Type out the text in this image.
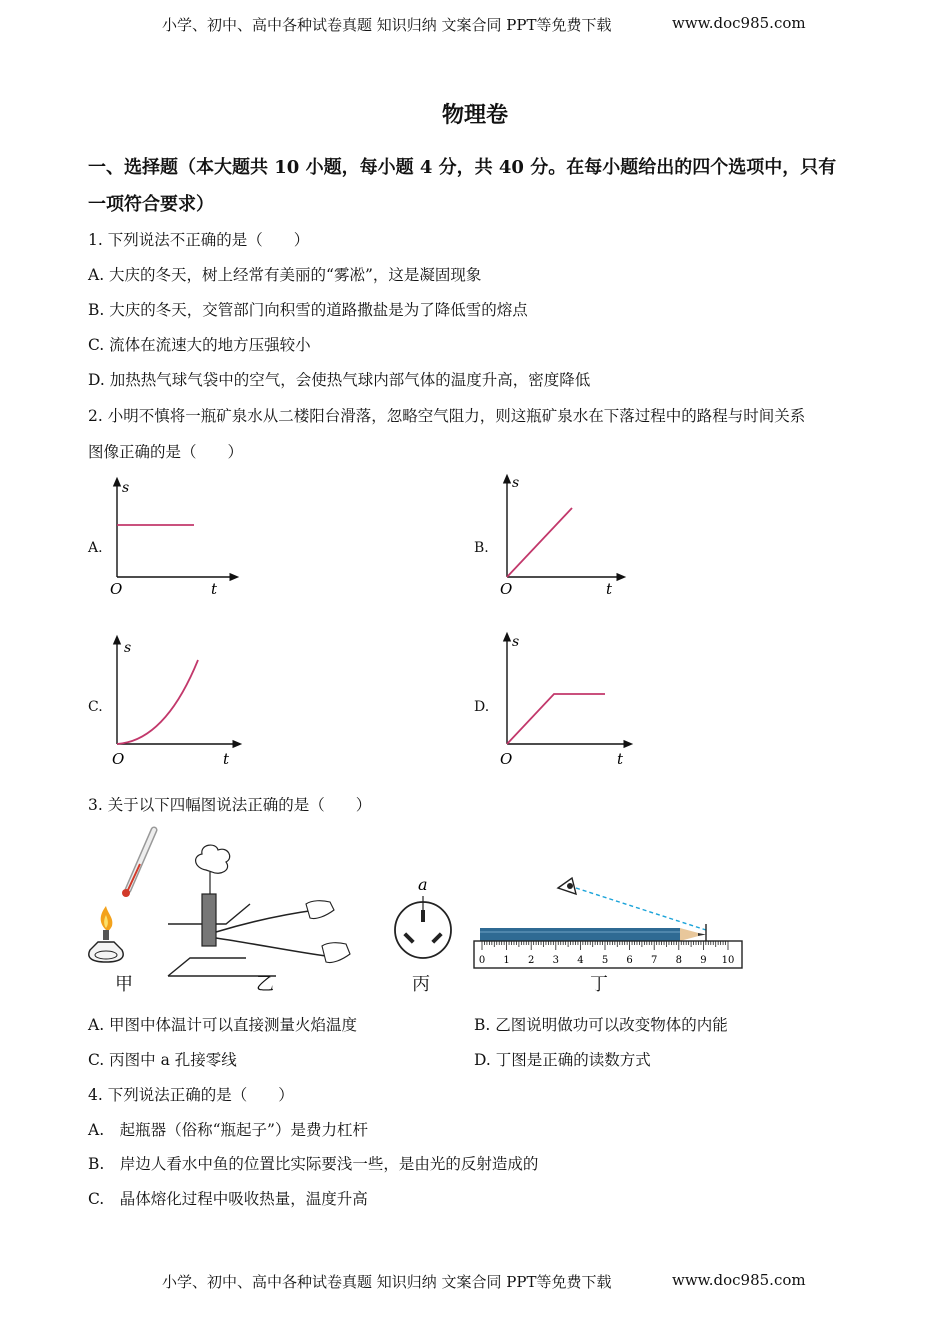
小学、初中、高中各种试卷真题 知识归纳 文案合同 PPT等免费下载	www.doc985.com
物理卷
一、选择题（本大题共 10 小题，每小题 4 分，共 40 分。在每小题给出的四个选项中，只有
一项符合要求）
1. 下列说法不正确的是（　　）
A. 大庆的冬天，树上经常有美丽的“雾凇”，这是凝固现象
B. 大庆的冬天，交管部门向积雪的道路撒盐是为了降低雪的熔点
C. 流体在流速大的地方压强较小
D. 加热热气球气袋中的空气，会使热气球内部气体的温度升高，密度降低
2. 小明不慎将一瓶矿泉水从二楼阳台滑落，忽略空气阻力，则这瓶矿泉水在下落过程中的路程与时间关系
图像正确的是（　　）
A.	B.
C.	D.
s
t
O
s
t
O
s
t
O
s
t
O
3. 关于以下四幅图说法正确的是（　　）
甲	乙
a
丙
0 1 2 3 4 5 6 7 8 9 10
丁
A. 甲图中体温计可以直接测量火焰温度	B. 乙图说明做功可以改变物体的内能
C. 丙图中 a 孔接零线	D. 丁图是正确的读数方式
4. 下列说法正确的是（　　）
A.　起瓶器（俗称“瓶起子”）是费力杠杆
B.　岸边人看水中鱼的位置比实际要浅一些，是由光的反射造成的
C.　晶体熔化过程中吸收热量，温度升高
小学、初中、高中各种试卷真题 知识归纳 文案合同 PPT等免费下载	www.doc985.com
